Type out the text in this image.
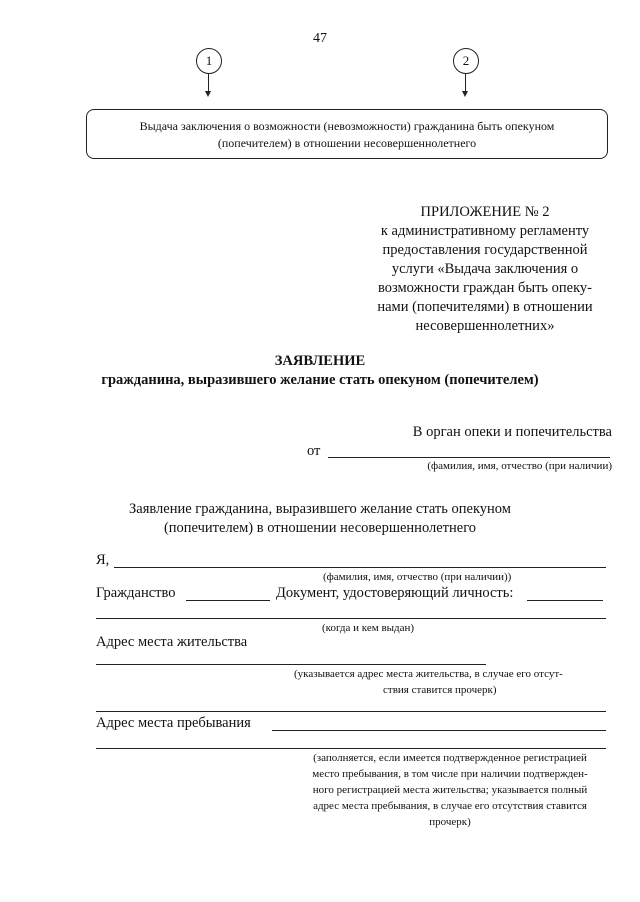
47
1	2
Выдача заключения о возможности (невозможности) гражданина быть опекуном
(попечителем) в отношении несовершеннолетнего
ПРИЛОЖЕНИЕ № 2
к административному регламенту
предоставления государственной
услуги «Выдача заключения о
возможности граждан быть опеку-
нами (попечителями) в отношении
несовершеннолетних»
ЗАЯВЛЕНИЕ
гражданина, выразившего желание стать опекуном (попечителем)
В орган опеки и попечительства
от
(фамилия, имя, отчество (при наличии)
Заявление гражданина, выразившего желание стать опекуном
(попечителем) в отношении несовершеннолетнего
Я,
(фамилия, имя, отчество (при наличии))
Гражданство	Документ, удостоверяющий личность:
(когда и кем выдан)
Адрес места жительства
(указывается адрес места жительства, в случае его отсут-
ствия ставится прочерк)
Адрес места пребывания
(заполняется, если имеется подтвержденное регистрацией
место пребывания, в том числе при наличии подтвержден-
ного регистрацией места жительства; указывается полный
адрес места пребывания, в случае его отсутствия ставится
прочерк)
